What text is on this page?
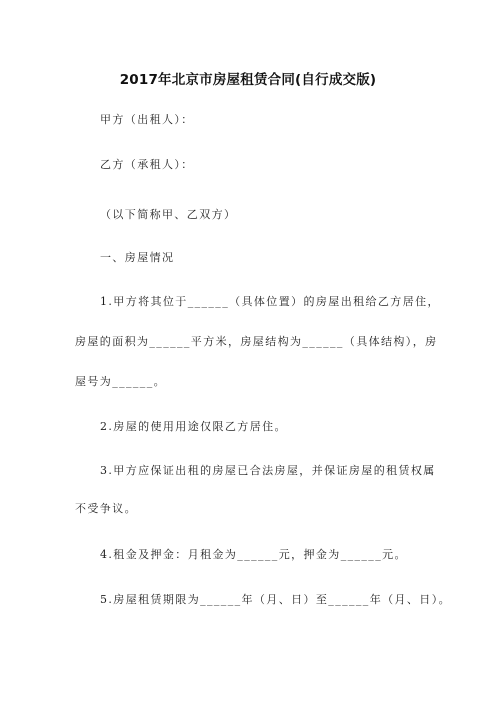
2017年北京市房屋租赁合同(自行成交版)
甲方（出租人）：
乙方（承租人）：
（以下简称甲、乙双方）
一、房屋情况
1.甲方将其位于______（具体位置）的房屋出租给乙方居住，
房屋的面积为______平方米，房屋结构为______（具体结构），房
屋号为______。
2.房屋的使用用途仅限乙方居住。
3.甲方应保证出租的房屋已合法房屋，并保证房屋的租赁权属
不受争议。
4.租金及押金：月租金为______元，押金为______元。
5.房屋租赁期限为______年（月、日）至______年（月、日）。
